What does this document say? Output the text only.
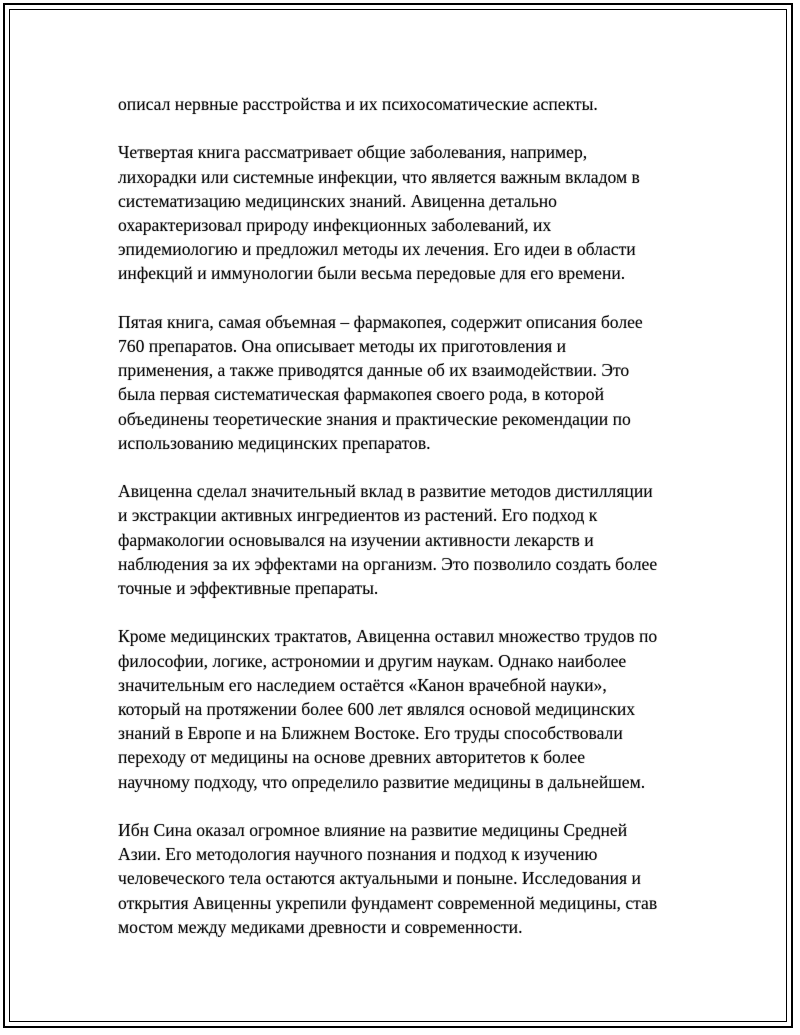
описал нервные расстройства и их психосоматические аспекты.

Четвертая книга рассматривает общие заболевания, например,
лихорадки или системные инфекции, что является важным вкладом в
систематизацию медицинских знаний. Авиценна детально
охарактеризовал природу инфекционных заболеваний, их
эпидемиологию и предложил методы их лечения. Его идеи в области
инфекций и иммунологии были весьма передовые для его времени.

Пятая книга, самая объемная – фармакопея, содержит описания более
760 препаратов. Она описывает методы их приготовления и
применения, а также приводятся данные об их взаимодействии. Это
была первая систематическая фармакопея своего рода, в которой
объединены теоретические знания и практические рекомендации по
использованию медицинских препаратов.

Авиценна сделал значительный вклад в развитие методов дистилляции
и экстракции активных ингредиентов из растений. Его подход к
фармакологии основывался на изучении активности лекарств и
наблюдения за их эффектами на организм. Это позволило создать более
точные и эффективные препараты.

Кроме медицинских трактатов, Авиценна оставил множество трудов по
философии, логике, астрономии и другим наукам. Однако наиболее
значительным его наследием остаётся «Канон врачебной науки»,
который на протяжении более 600 лет являлся основой медицинских
знаний в Европе и на Ближнем Востоке. Его труды способствовали
переходу от медицины на основе древних авторитетов к более
научному подходу, что определило развитие медицины в дальнейшем.

Ибн Сина оказал огромное влияние на развитие медицины Средней
Азии. Его методология научного познания и подход к изучению
человеческого тела остаются актуальными и поныне. Исследования и
открытия Авиценны укрепили фундамент современной медицины, став
мостом между медиками древности и современности.
